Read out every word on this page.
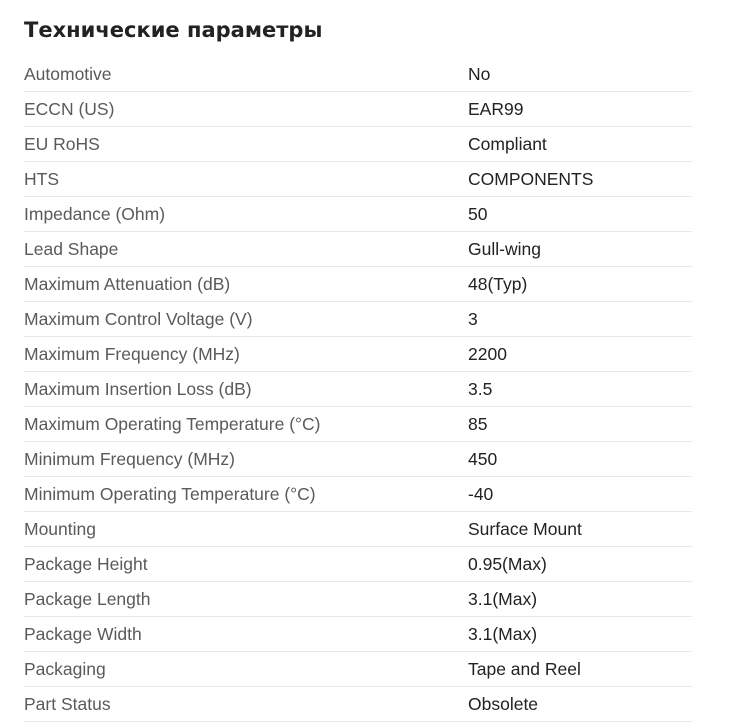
Технические параметры
Automotive	No
ECCN (US)	EAR99
EU RoHS	Compliant
HTS	COMPONENTS
Impedance (Ohm)	50
Lead Shape	Gull-wing
Maximum Attenuation (dB)	48(Typ)
Maximum Control Voltage (V)	3
Maximum Frequency (MHz)	2200
Maximum Insertion Loss (dB)	3.5
Maximum Operating Temperature (°C)	85
Minimum Frequency (MHz)	450
Minimum Operating Temperature (°C)	-40
Mounting	Surface Mount
Package Height	0.95(Max)
Package Length	3.1(Max)
Package Width	3.1(Max)
Packaging	Tape and Reel
Part Status	Obsolete
